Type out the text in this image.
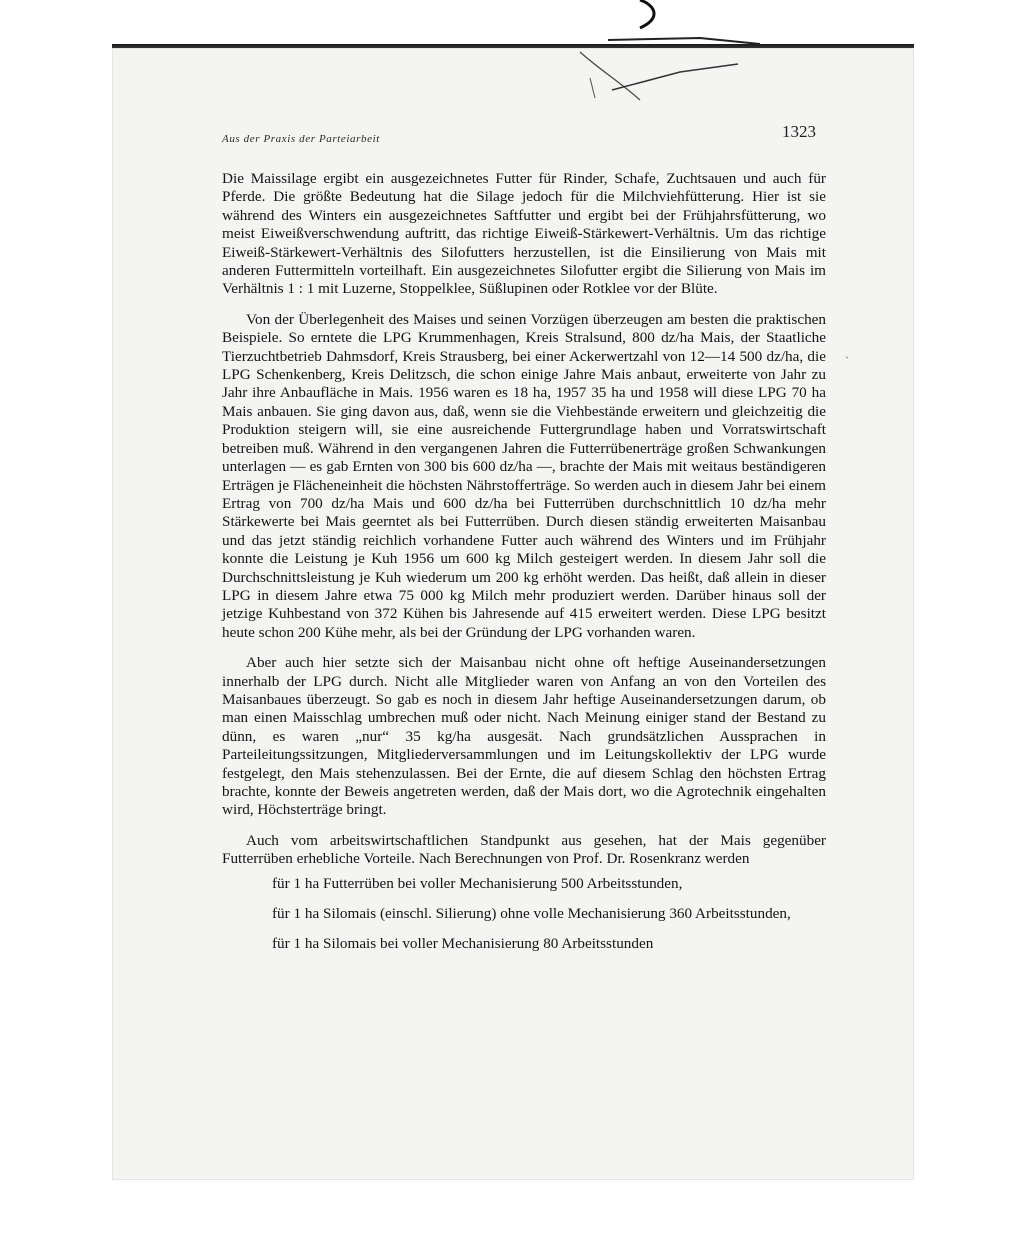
Aus der Praxis der Parteiarbeit	1323

Die Maissilage ergibt ein ausgezeichnetes Futter für Rinder, Schafe, Zuchtsauen und auch für Pferde. Die größte Bedeutung hat die Silage jedoch für die Milchviehfütterung. Hier ist sie während des Winters ein ausgezeichnetes Saftfutter und ergibt bei der Frühjahrsfütterung, wo meist Eiweißverschwendung auftritt, das richtige Eiweiß-Stärkewert-Verhältnis. Um das richtige Eiweiß-Stärkewert-Verhältnis des Silofutters herzustellen, ist die Einsilierung von Mais mit anderen Futtermitteln vorteilhaft. Ein ausgezeichnetes Silofutter ergibt die Silierung von Mais im Verhältnis 1 : 1 mit Luzerne, Stoppelklee, Süßlupinen oder Rotklee vor der Blüte.

Von der Überlegenheit des Maises und seinen Vorzügen überzeugen am besten die praktischen Beispiele. So erntete die LPG Krummenhagen, Kreis Stralsund, 800 dz/ha Mais, der Staatliche Tierzuchtbetrieb Dahmsdorf, Kreis Strausberg, bei einer Ackerwertzahl von 12—14 500 dz/ha, die LPG Schenkenberg, Kreis Delitzsch, die schon einige Jahre Mais anbaut, erweiterte von Jahr zu Jahr ihre Anbaufläche in Mais. 1956 waren es 18 ha, 1957 35 ha und 1958 will diese LPG 70 ha Mais anbauen. Sie ging davon aus, daß, wenn sie die Viehbestände erweitern und gleichzeitig die Produktion steigern will, sie eine ausreichende Futtergrundlage haben und Vorratswirtschaft betreiben muß. Während in den vergangenen Jahren die Futterrübenerträge großen Schwankungen unterlagen — es gab Ernten von 300 bis 600 dz/ha —, brachte der Mais mit weitaus beständigeren Erträgen je Flächeneinheit die höchsten Nährstofferträge. So werden auch in diesem Jahr bei einem Ertrag von 700 dz/ha Mais und 600 dz/ha bei Futterrüben durchschnittlich 10 dz/ha mehr Stärkewerte bei Mais geerntet als bei Futterrüben. Durch diesen ständig erweiterten Maisanbau und das jetzt ständig reichlich vorhandene Futter auch während des Winters und im Frühjahr konnte die Leistung je Kuh 1956 um 600 kg Milch gesteigert werden. In diesem Jahr soll die Durchschnittsleistung je Kuh wiederum um 200 kg erhöht werden. Das heißt, daß allein in dieser LPG in diesem Jahre etwa 75 000 kg Milch mehr produziert werden. Darüber hinaus soll der jetzige Kuhbestand von 372 Kühen bis Jahresende auf 415 erweitert werden. Diese LPG besitzt heute schon 200 Kühe mehr, als bei der Gründung der LPG vorhanden waren.

Aber auch hier setzte sich der Maisanbau nicht ohne oft heftige Auseinandersetzungen innerhalb der LPG durch. Nicht alle Mitglieder waren von Anfang an von den Vorteilen des Maisanbaues überzeugt. So gab es noch in diesem Jahr heftige Auseinandersetzungen darum, ob man einen Maisschlag umbrechen muß oder nicht. Nach Meinung einiger stand der Bestand zu dünn, es waren „nur“ 35 kg/ha ausgesät. Nach grundsätzlichen Aussprachen in Parteileitungssitzungen, Mitgliederversammlungen und im Leitungskollektiv der LPG wurde festgelegt, den Mais stehenzulassen. Bei der Ernte, die auf diesem Schlag den höchsten Ertrag brachte, konnte der Beweis angetreten werden, daß der Mais dort, wo die Agrotechnik eingehalten wird, Höchsterträge bringt.

Auch vom arbeitswirtschaftlichen Standpunkt aus gesehen, hat der Mais gegenüber Futterrüben erhebliche Vorteile. Nach Berechnungen von Prof. Dr. Rosenkranz werden

für 1 ha Futterrüben bei voller Mechanisierung 500 Arbeitsstunden,

für 1 ha Silomais (einschl. Silierung) ohne volle Mechanisierung 360 Arbeitsstunden,

für 1 ha Silomais bei voller Mechanisierung 80 Arbeitsstunden

ˎ
